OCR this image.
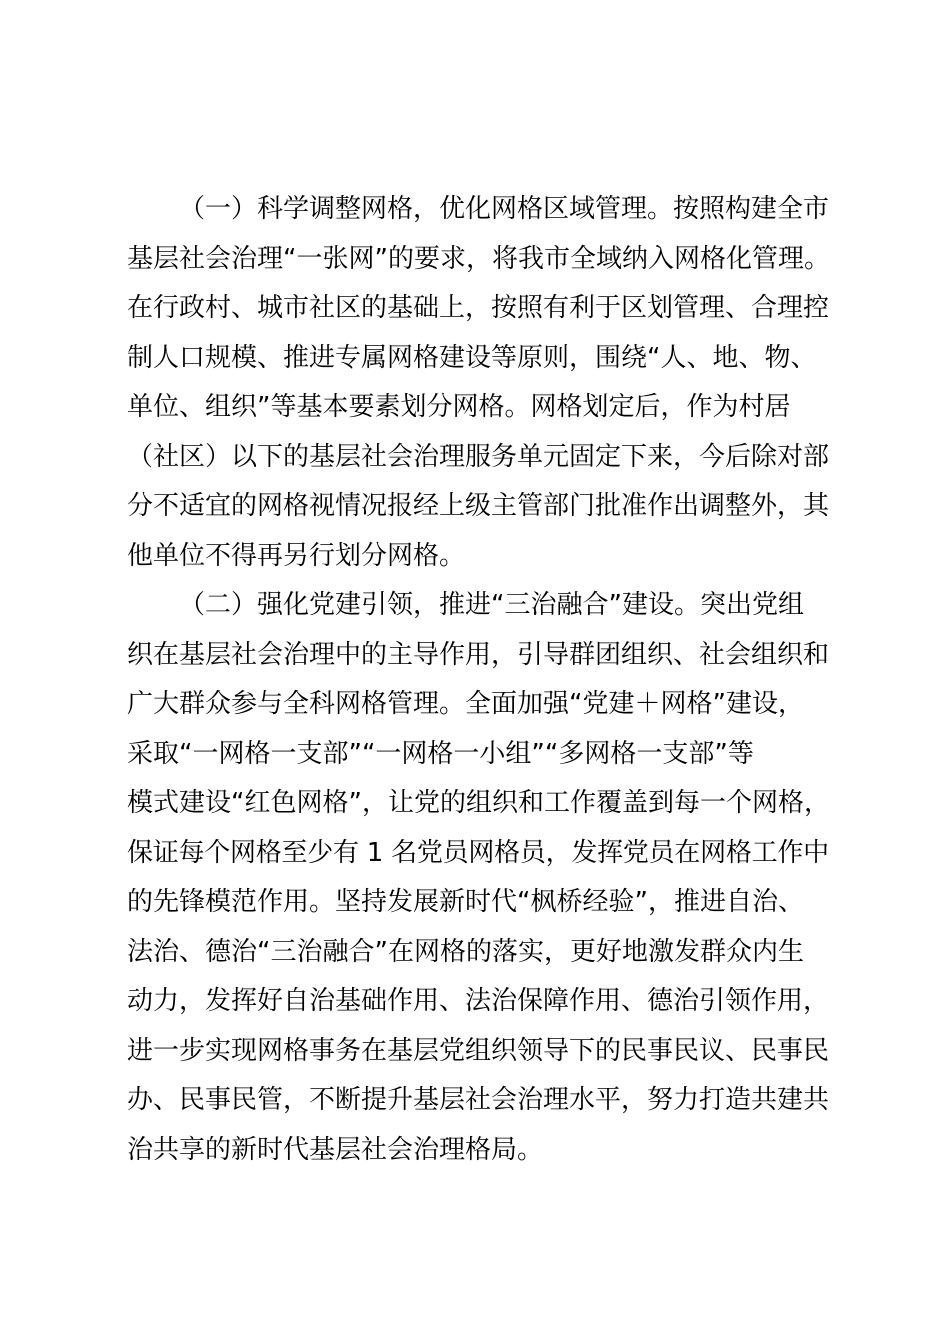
（一）科学调整网格，优化网格区域管理。按照构建全市
基层社会治理“一张网”的要求，将我市全域纳入网格化管理。
在行政村、城市社区的基础上，按照有利于区划管理、合理控
制人口规模、推进专属网格建设等原则，围绕“人、地、物、
单位、组织”等基本要素划分网格。网格划定后，作为村居
（社区）以下的基层社会治理服务单元固定下来，今后除对部
分不适宜的网格视情况报经上级主管部门批准作出调整外，其
他单位不得再另行划分网格。
（二）强化党建引领，推进“三治融合”建设。突出党组
织在基层社会治理中的主导作用，引导群团组织、社会组织和
广大群众参与全科网格管理。全面加强“党建＋网格”建设，
采取“一网格一支部”“一网格一小组”“多网格一支部”等
模式建设“红色网格”，让党的组织和工作覆盖到每一个网格，
保证每个网格至少有 1 名党员网格员，发挥党员在网格工作中
的先锋模范作用。坚持发展新时代“枫桥经验”，推进自治、
法治、德治“三治融合”在网格的落实，更好地激发群众内生
动力，发挥好自治基础作用、法治保障作用、德治引领作用，
进一步实现网格事务在基层党组织领导下的民事民议、民事民
办、民事民管，不断提升基层社会治理水平，努力打造共建共
治共享的新时代基层社会治理格局。
